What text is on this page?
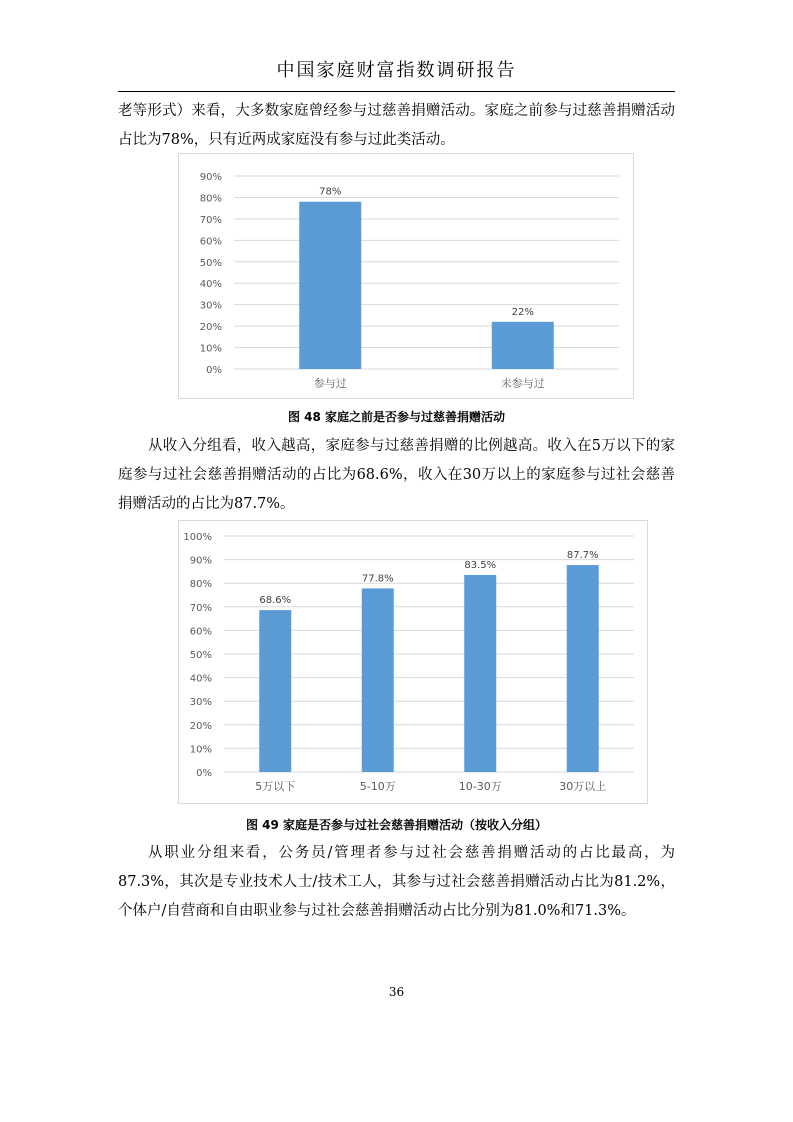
中国家庭财富指数调研报告

老等形式）来看，大多数家庭曾经参与过慈善捐赠活动。家庭之前参与过慈善捐赠活动占比为78%，只有近两成家庭没有参与过此类活动。

0%
10%
20%
30%
40%
50%
60%
70%
80%
90%
78%
参与过
22%
未参与过
图 48 家庭之前是否参与过慈善捐赠活动

从收入分组看，收入越高，家庭参与过慈善捐赠的比例越高。收入在5万以下的家庭参与过社会慈善捐赠活动的占比为68.6%，收入在30万以上的家庭参与过社会慈善捐赠活动的占比为87.7%。

0%
10%
20%
30%
40%
50%
60%
70%
80%
90%
100%
68.6%
5万以下
77.8%
5-10万
83.5%
10-30万
87.7%
30万以上
图 49 家庭是否参与过社会慈善捐赠活动（按收入分组）

从职业分组来看，公务员/管理者参与过社会慈善捐赠活动的占比最高，为87.3%，其次是专业技术人士/技术工人，其参与过社会慈善捐赠活动占比为81.2%，个体户/自营商和自由职业参与过社会慈善捐赠活动占比分别为81.0%和71.3%。

36
